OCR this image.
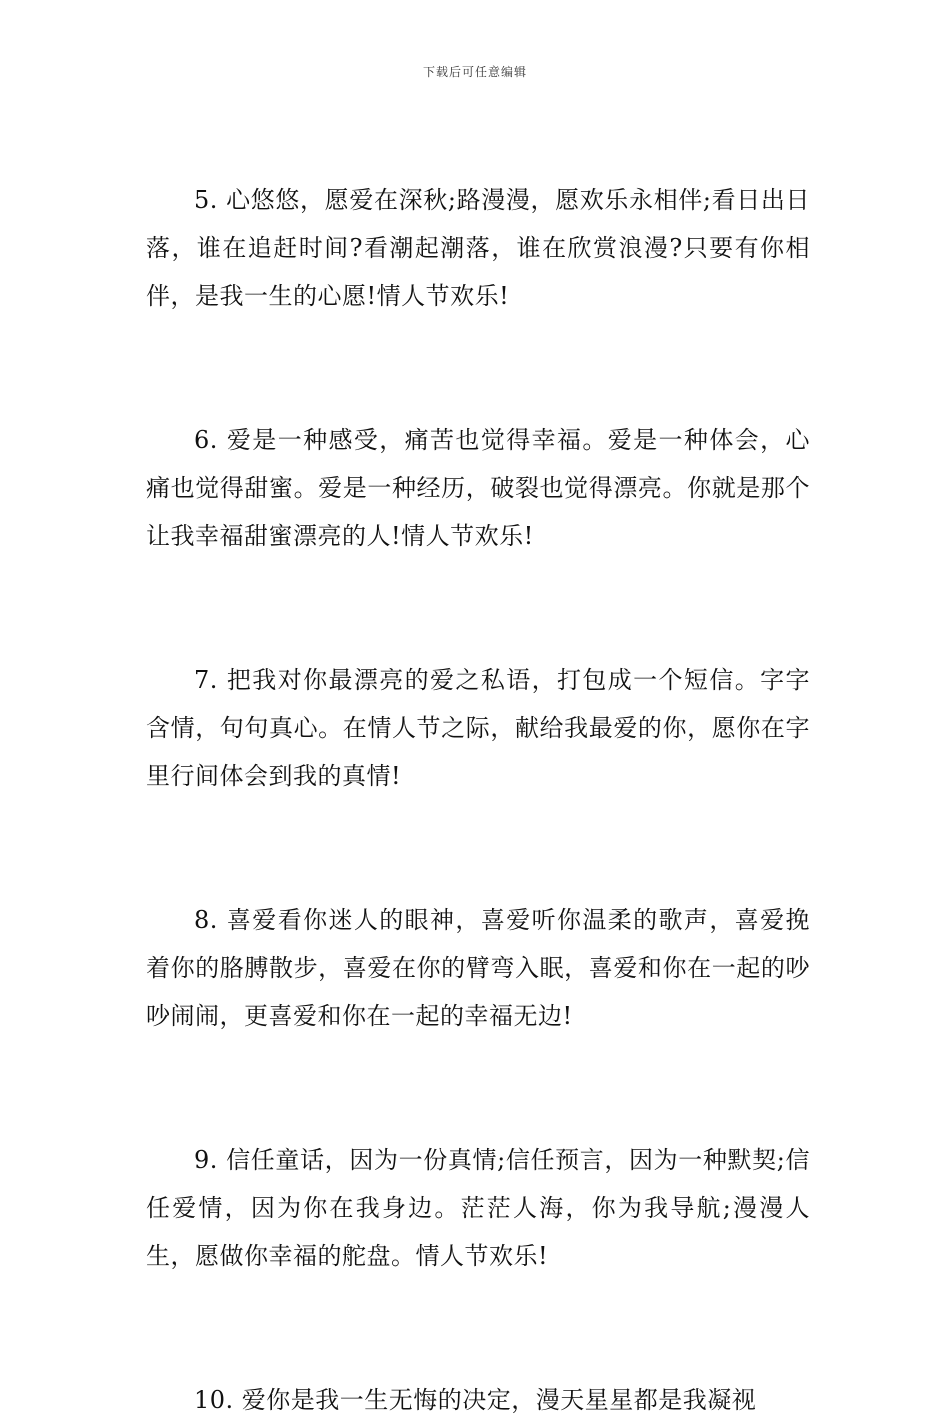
下载后可任意编辑

5. 心悠悠，愿爱在深秋;路漫漫，愿欢乐永相伴;看日出日落，谁在追赶时间?看潮起潮落，谁在欣赏浪漫?只要有你相伴，是我一生的心愿!情人节欢乐!

6. 爱是一种感受，痛苦也觉得幸福。爱是一种体会，心痛也觉得甜蜜。爱是一种经历，破裂也觉得漂亮。你就是那个让我幸福甜蜜漂亮的人!情人节欢乐!

7. 把我对你最漂亮的爱之私语，打包成一个短信。字字含情，句句真心。在情人节之际，献给我最爱的你，愿你在字里行间体会到我的真情!

8. 喜爱看你迷人的眼神，喜爱听你温柔的歌声，喜爱挽着你的胳膊散步，喜爱在你的臂弯入眠，喜爱和你在一起的吵吵闹闹，更喜爱和你在一起的幸福无边!

9. 信任童话，因为一份真情;信任预言，因为一种默契;信任爱情，因为你在我身边。茫茫人海，你为我导航;漫漫人生，愿做你幸福的舵盘。情人节欢乐!

10. 爱你是我一生无悔的决定，漫天星星都是我凝视
